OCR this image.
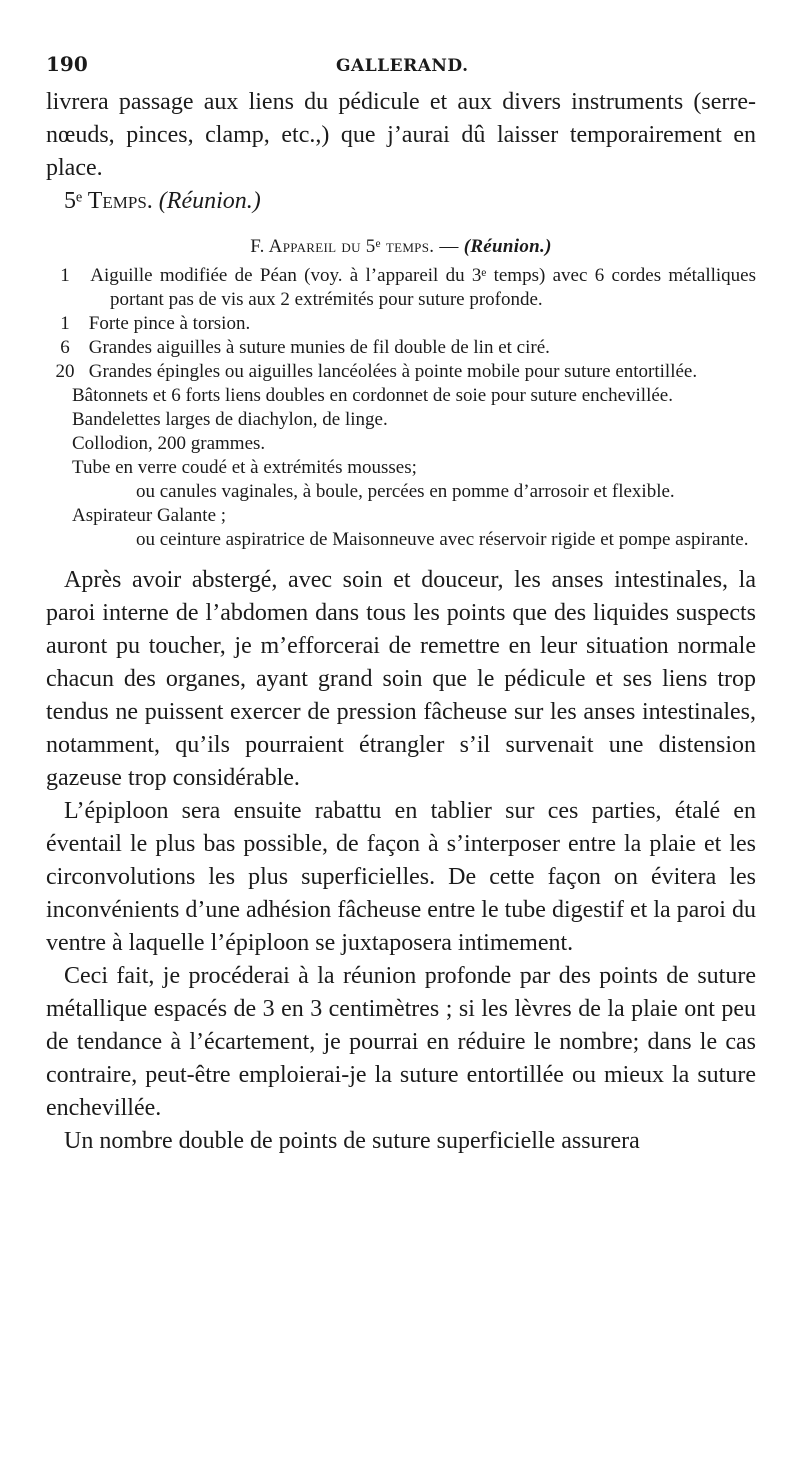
190	GALLERAND.

livrera passage aux liens du pédicule et aux divers instruments (serre-nœuds, pinces, clamp, etc.,) que j’aurai dû laisser temporairement en place.

5ᵉ Temps. (Réunion.)

F. Appareil du 5ᵉ temps. — (Réunion.)
1 Aiguille modifiée de Péan (voy. à l’appareil du 3ᵉ temps) avec 6 cordes métalliques portant pas de vis aux 2 extrémités pour suture profonde.
1 Forte pince à torsion.
6 Grandes aiguilles à suture munies de fil double de lin et ciré.
20 Grandes épingles ou aiguilles lancéolées à pointe mobile pour suture entortillée.
Bâtonnets et 6 forts liens doubles en cordonnet de soie pour suture enchevillée.
Bandelettes larges de diachylon, de linge.
Collodion, 200 grammes.
Tube en verre coudé et à extrémités mousses;
ou canules vaginales, à boule, percées en pomme d’arrosoir et flexible.
Aspirateur Galante ;
ou ceinture aspiratrice de Maisonneuve avec réservoir rigide et pompe aspirante.

Après avoir abstergé, avec soin et douceur, les anses intestinales, la paroi interne de l’abdomen dans tous les points que des liquides suspects auront pu toucher, je m’efforcerai de remettre en leur situation normale chacun des organes, ayant grand soin que le pédicule et ses liens trop tendus ne puissent exercer de pression fâcheuse sur les anses intestinales, notamment, qu’ils pourraient étrangler s’il survenait une distension gazeuse trop considérable.

L’épiploon sera ensuite rabattu en tablier sur ces parties, étalé en éventail le plus bas possible, de façon à s’interposer entre la plaie et les circonvolutions les plus superficielles. De cette façon on évitera les inconvénients d’une adhésion fâcheuse entre le tube digestif et la paroi du ventre à laquelle l’épiploon se juxtaposera intimement.

Ceci fait, je procéderai à la réunion profonde par des points de suture métallique espacés de 3 en 3 centimètres ; si les lèvres de la plaie ont peu de tendance à l’écartement, je pourrai en réduire le nombre; dans le cas contraire, peut-être emploierai-je la suture entortillée ou mieux la suture enchevillée.

Un nombre double de points de suture superficielle assurera
